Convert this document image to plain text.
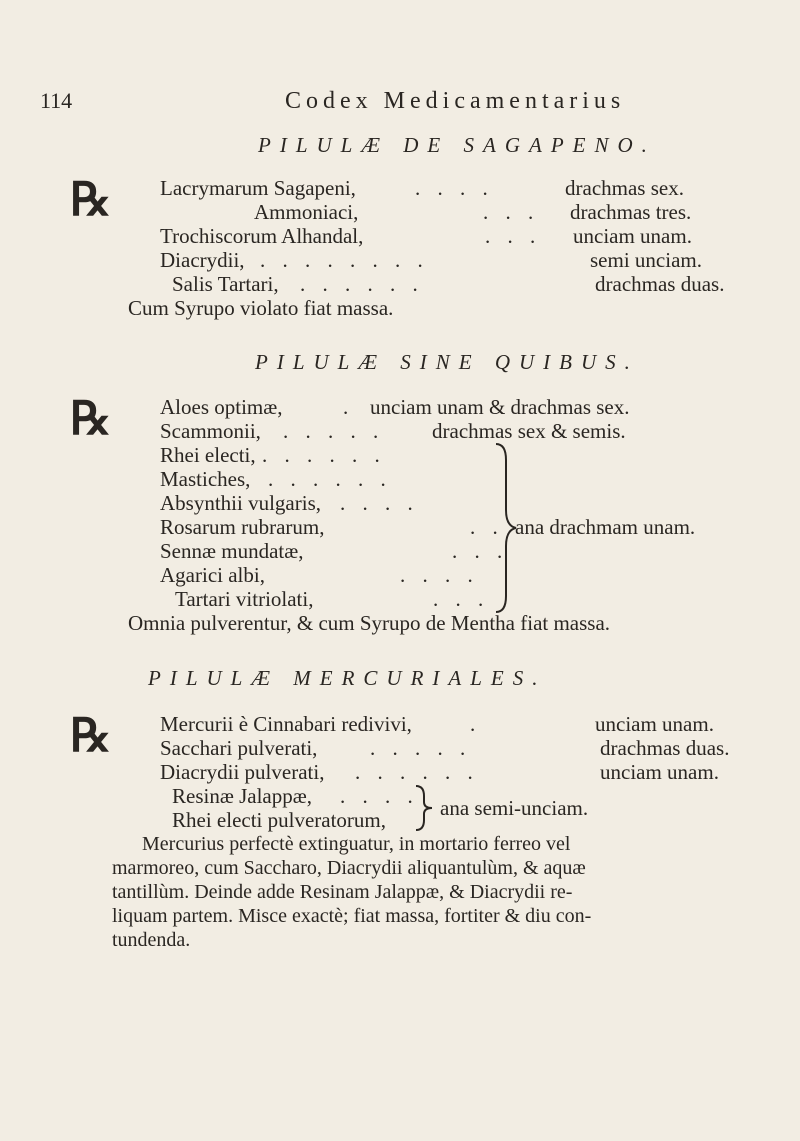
114	Codex Medicamentarius
PILULÆ DE SAGAPENO.
℞ Lacrymarum Sagapeni,	. . . .	drachmas sex.
Ammoniaci,	. . . drachmas tres.
Trochiscorum Alhandal,	. . . unciam unam.
Diacrydii, . . . . . . . .	semi unciam.
Salis Tartari, . . . . . .	drachmas duas.
Cum Syrupo violato fiat massa.
PILULÆ SINE QUIBUS.
℞ Aloes optimæ,	. unciam unam & drachmas sex.
Scammonii, . . . . . drachmas sex & semis.
Rhei electi, . . . . . .
Mastiches, . . . . . .
Absynthii vulgaris, . . . .
Rosarum rubrarum,	. .
Sennæ mundatæ,	. . .
Agarici albi,	. . . .
Tartari vitriolati,	. . .
ana drachmam unam.
Omnia pulverentur, & cum Syrupo de Mentha fiat massa.
PILULÆ MERCURIALES.
℞ Mercurii è Cinnabari redivivi,	.	unciam unam.
Sacchari pulverati,	. . . . .	drachmas duas.
Diacrydii pulverati, . . . . . .	unciam unam.
Resinæ Jalappæ, . . . .
Rhei electi pulveratorum,	ana semi-unciam.
Mercurius perfectè extinguatur, in mortario ferreo vel
marmoreo, cum Saccharo, Diacrydii aliquantulùm, & aquæ
tantillùm. Deinde adde Resinam Jalappæ, & Diacrydii re-
liquam partem. Misce exactè; fiat massa, fortiter & diu con-
tundenda.
